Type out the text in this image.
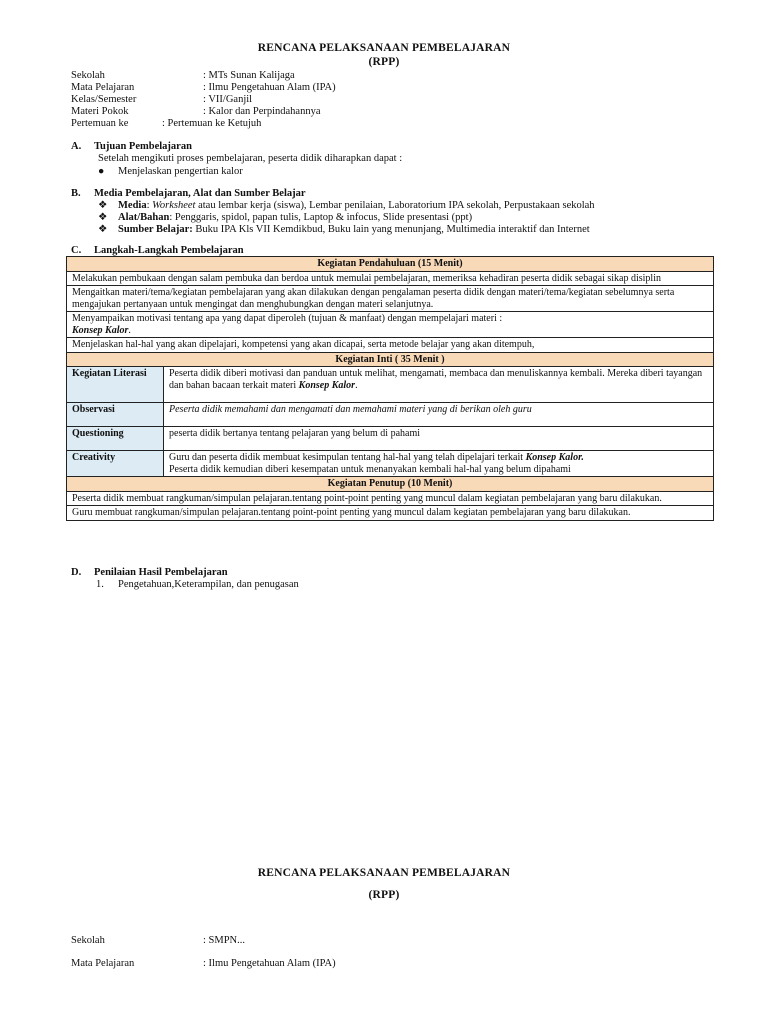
RENCANA PELAKSANAAN PEMBELAJARAN
(RPP)
Sekolah	: MTs Sunan Kalijaga
Mata Pelajaran	: Ilmu Pengetahuan Alam (IPA)
Kelas/Semester	: VII/Ganjil
Materi Pokok	: Kalor dan Perpindahannya
Pertemuan ke	: Pertemuan ke Ketujuh
A. Tujuan Pembelajaran
Setelah mengikuti proses pembelajaran, peserta didik diharapkan dapat :
● Menjelaskan pengertian kalor
B. Media Pembelajaran, Alat dan Sumber Belajar
❖ Media: Worksheet atau lembar kerja (siswa), Lembar penilaian, Laboratorium IPA sekolah, Perpustakaan sekolah
❖ Alat/Bahan: Penggaris, spidol, papan tulis, Laptop & infocus, Slide presentasi (ppt)
❖ Sumber Belajar: Buku IPA Kls VII Kemdikbud, Buku lain yang menunjang, Multimedia interaktif dan Internet
C. Langkah-Langkah Pembelajaran
Kegiatan Pendahuluan (15 Menit)	
Melakukan pembukaan dengan salam pembuka dan berdoa untuk memulai pembelajaran, memeriksa kehadiran peserta didik sebagai sikap disiplin	
Mengaitkan materi/tema/kegiatan pembelajaran yang akan dilakukan dengan pengalaman peserta didik dengan materi/tema/kegiatan sebelumnya serta mengajukan pertanyaan untuk mengingat dan menghubungkan dengan materi selanjutnya.	
Menyampaikan motivasi tentang apa yang dapat diperoleh (tujuan & manfaat) dengan mempelajari materi :
Konsep Kalor.	
Menjelaskan hal-hal yang akan dipelajari, kompetensi yang akan dicapai, serta metode belajar yang akan ditempuh,	
Kegiatan Inti ( 35 Menit )	
Kegiatan Literasi	Peserta didik diberi motivasi dan panduan untuk melihat, mengamati, membaca dan menuliskannya kembali. Mereka diberi tayangan dan bahan bacaan terkait materi Konsep Kalor.
Observasi	Peserta didik memahami dan mengamati dan memahami materi yang di berikan oleh guru
Questioning	peserta didik bertanya tentang pelajaran yang belum di pahami
Creativity	Guru dan peserta didik membuat kesimpulan tentang hal-hal yang telah dipelajari terkait Konsep Kalor.
Peserta didik kemudian diberi kesempatan untuk menanyakan kembali hal-hal yang belum dipahami
Kegiatan Penutup (10 Menit)	
Peserta didik membuat rangkuman/simpulan pelajaran.tentang point-point penting yang muncul dalam kegiatan pembelajaran yang baru dilakukan.	
Guru membuat rangkuman/simpulan pelajaran.tentang point-point penting yang muncul dalam kegiatan pembelajaran yang baru dilakukan.	
D. Penilaian Hasil Pembelajaran
1. Pengetahuan,Keterampilan, dan penugasan
RENCANA PELAKSANAAN PEMBELAJARAN
(RPP)
Sekolah	: SMPN...
Mata Pelajaran	: Ilmu Pengetahuan Alam (IPA)
